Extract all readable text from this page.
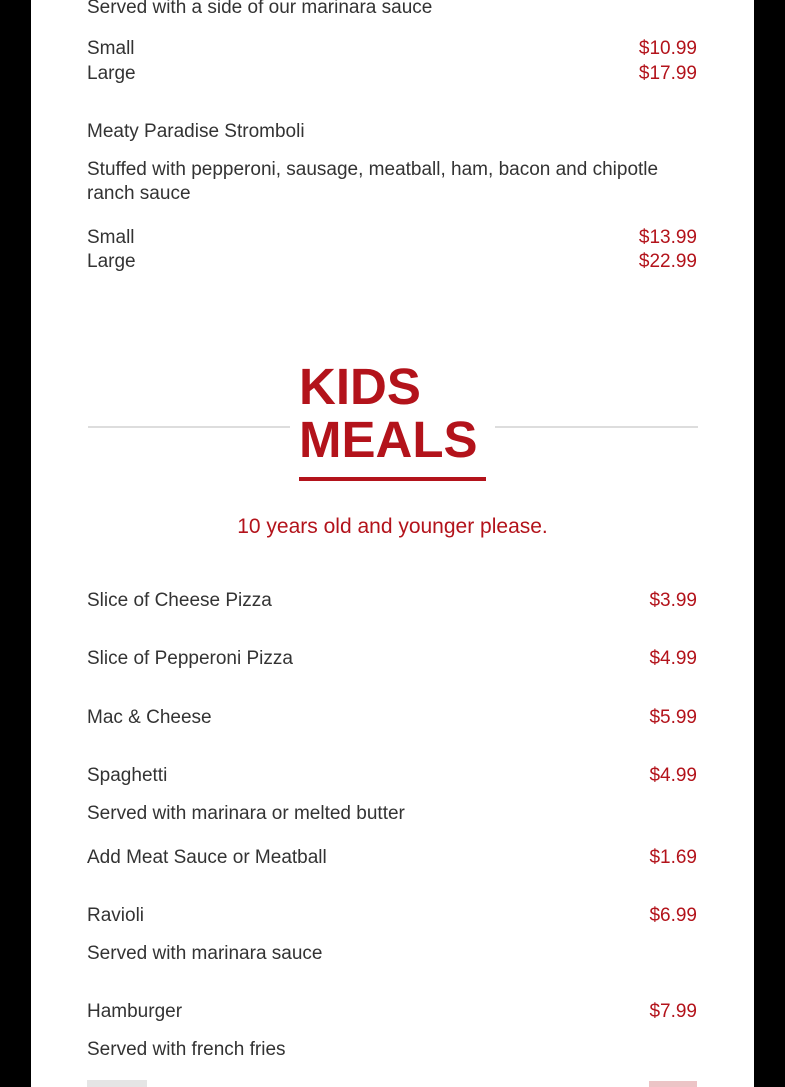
Served with a side of our marinara sauce
Small	$10.99
Large	$17.99
Meaty Paradise Stromboli
Stuffed with pepperoni, sausage, meatball, ham, bacon and chipotle ranch sauce
Small	$13.99
Large	$22.99
KIDS
MEALS
10 years old and younger please.
Slice of Cheese Pizza	$3.99
Slice of Pepperoni Pizza	$4.99
Mac & Cheese	$5.99
Spaghetti	$4.99
Served with marinara or melted butter
Add Meat Sauce or Meatball	$1.69
Ravioli	$6.99
Served with marinara sauce
Hamburger	$7.99
Served with french fries
